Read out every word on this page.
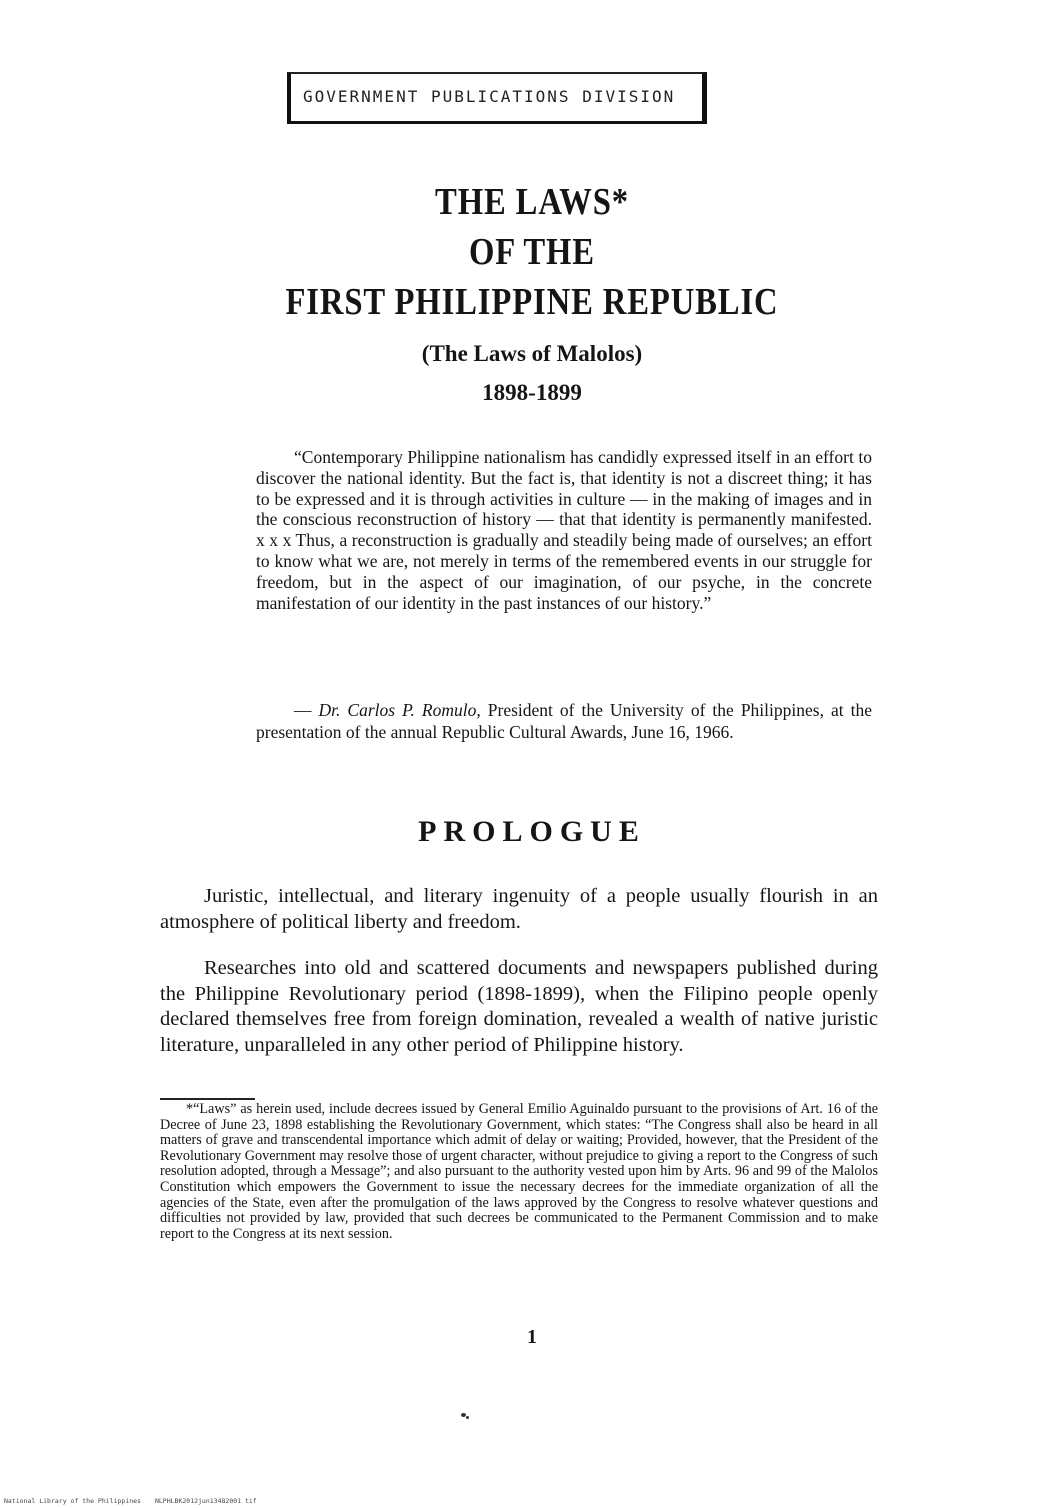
GOVERNMENT PUBLICATIONS DIVISION
THE LAWS*
OF THE
FIRST PHILIPPINE REPUBLIC
(The Laws of Malolos)
1898-1899
“Contemporary Philippine nationalism has candidly expressed itself in an effort to discover the national identity. But the fact is, that identity is not a discreet thing; it has to be expressed and it is through activities in culture — in the making of images and in the conscious reconstruction of history — that that identity is permanently manifested. x x x Thus, a reconstruction is gradually and steadily being made of ourselves; an effort to know what we are, not merely in terms of the remembered events in our struggle for freedom, but in the aspect of our imagination, of our psyche, in the concrete manifestation of our identity in the past instances of our history.”
— Dr. Carlos P. Romulo, President of the University of the Philippines, at the presentation of the annual Republic Cultural Awards, June 16, 1966.
PROLOGUE
Juristic, intellectual, and literary ingenuity of a people usually flourish in an atmosphere of political liberty and freedom.
Researches into old and scattered documents and newspapers published during the Philippine Revolutionary period (1898-1899), when the Filipino people openly declared themselves free from foreign domination, revealed a wealth of native juristic literature, unparalleled in any other period of Philippine history.
*“Laws” as herein used, include decrees issued by General Emilio Aguinaldo pursuant to the provisions of Art. 16 of the Decree of June 23, 1898 establishing the Revolutionary Government, which states: “The Congress shall also be heard in all matters of grave and transcendental importance which admit of delay or waiting; Provided, however, that the President of the Revolutionary Government may resolve those of urgent character, without prejudice to giving a report to the Congress of such resolution adopted, through a Message”; and also pursuant to the authority vested upon him by Arts. 96 and 99 of the Malolos Constitution which empowers the Government to issue the necessary decrees for the immediate organization of all the agencies of the State, even after the promulgation of the laws approved by the Congress to resolve whatever questions and difficulties not provided by law, provided that such decrees be communicated to the Permanent Commission and to make report to the Congress at its next session.
1
National Library of the Philippines NLPHLBK2012jun13482001 tif
